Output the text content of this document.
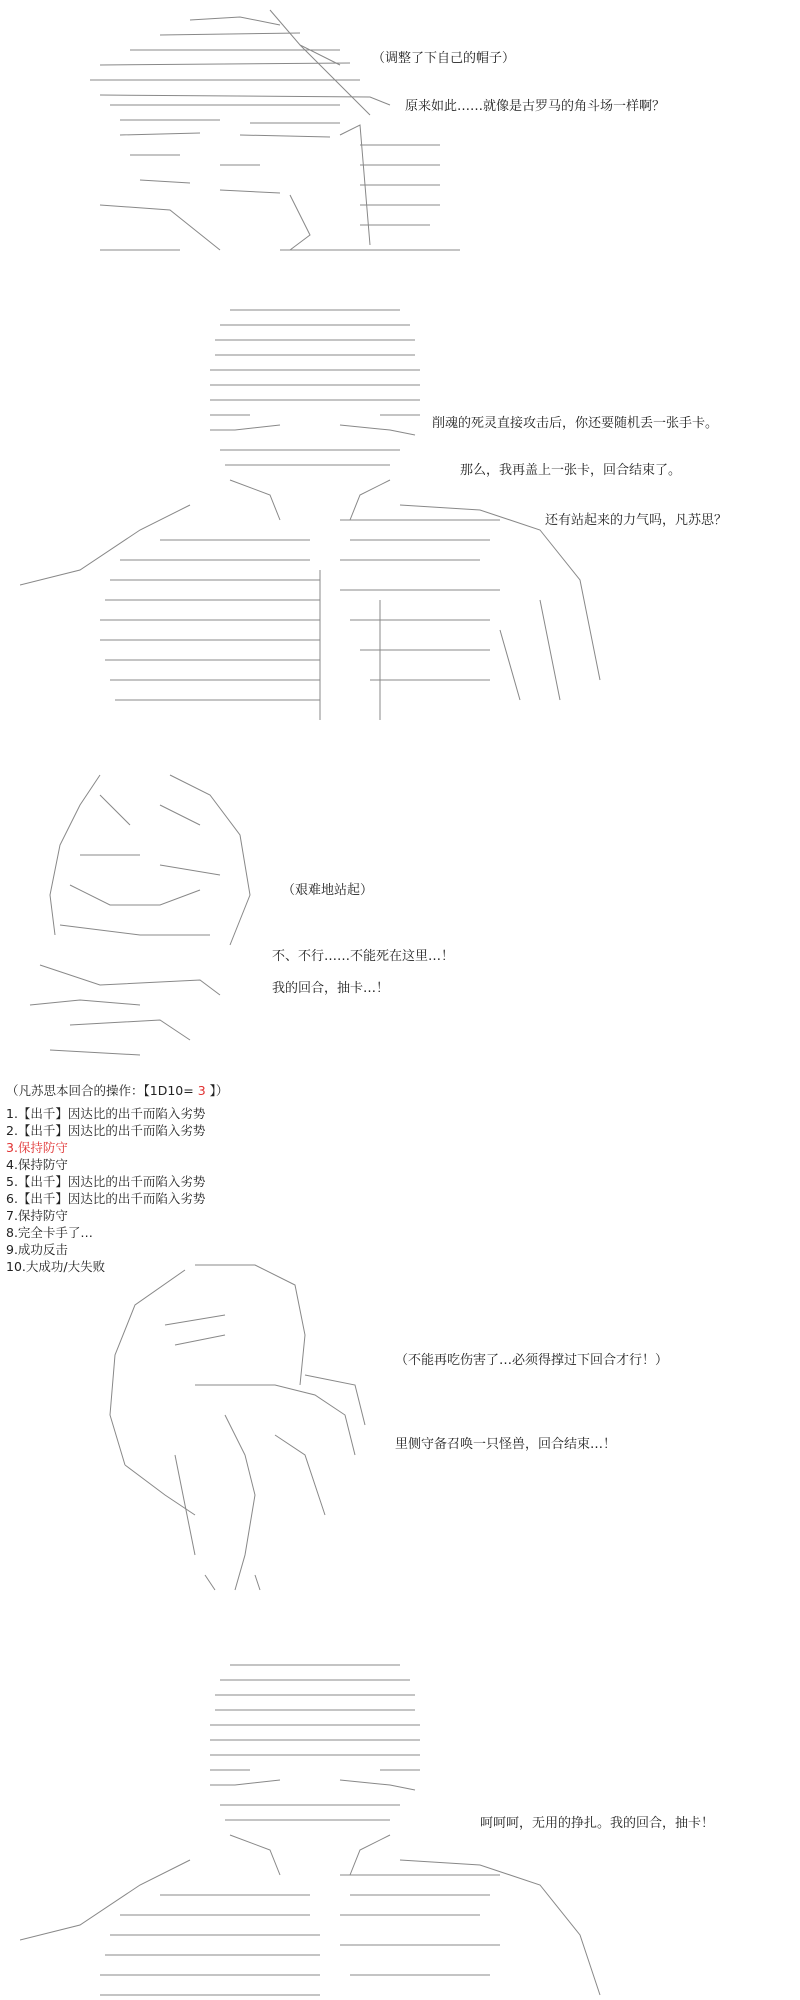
（调整了下自己的帽子）
原来如此……就像是古罗马的角斗场一样啊？
削魂的死灵直接攻击后，你还要随机丢一张手卡。
那么，我再盖上一张卡，回合结束了。
还有站起来的力气吗，凡苏思？
（艰难地站起）
不、不行……不能死在这里…！
我的回合，抽卡…！
（凡苏思本回合的操作：【1D10= 3 】）
1.【出千】因达比的出千而陷入劣势
2.【出千】因达比的出千而陷入劣势
3.保持防守
4.保持防守
5.【出千】因达比的出千而陷入劣势
6.【出千】因达比的出千而陷入劣势
7.保持防守
8.完全卡手了…
9.成功反击
10.大成功/大失败
（不能再吃伤害了…必须得撑过下回合才行！）
里侧守备召唤一只怪兽，回合结束…！
呵呵呵，无用的挣扎。我的回合，抽卡！
